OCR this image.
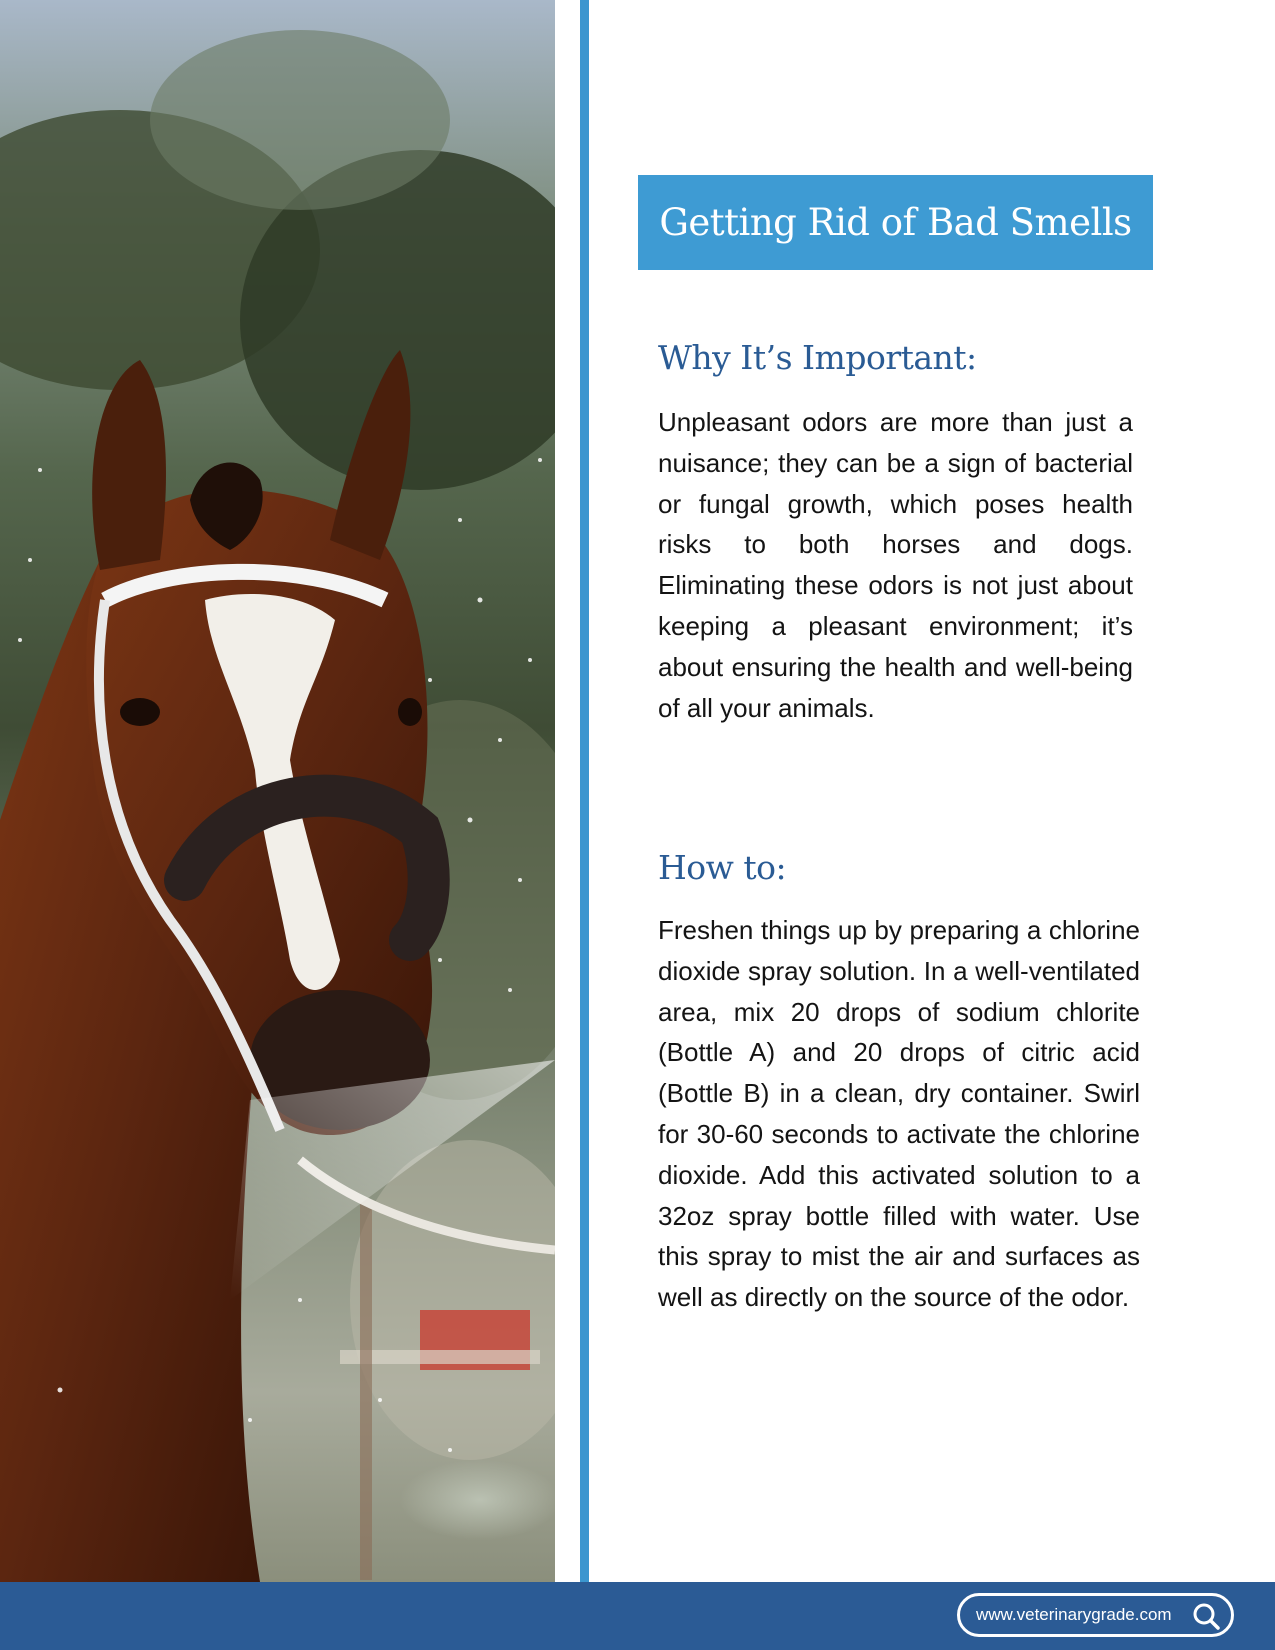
Getting Rid of Bad Smells
Why It’s Important:
Unpleasant odors are more than just a nuisance; they can be a sign of bacterial or fungal growth, which poses health risks to both horses and dogs. Eliminating these odors is not just about keeping a pleasant environment; it’s about ensuring the health and well-being of all your animals.
How to:
Freshen things up by preparing a chlorine dioxide spray solution. In a well-ventilated area, mix 20 drops of sodium chlorite (Bottle A) and 20 drops of citric acid (Bottle B) in a clean, dry container. Swirl for 30-60 seconds to activate the chlorine dioxide. Add this activated solution to a 32oz spray bottle filled with water. Use this spray to mist the air and surfaces as well as directly on the source of the odor.
www.veterinarygrade.com
